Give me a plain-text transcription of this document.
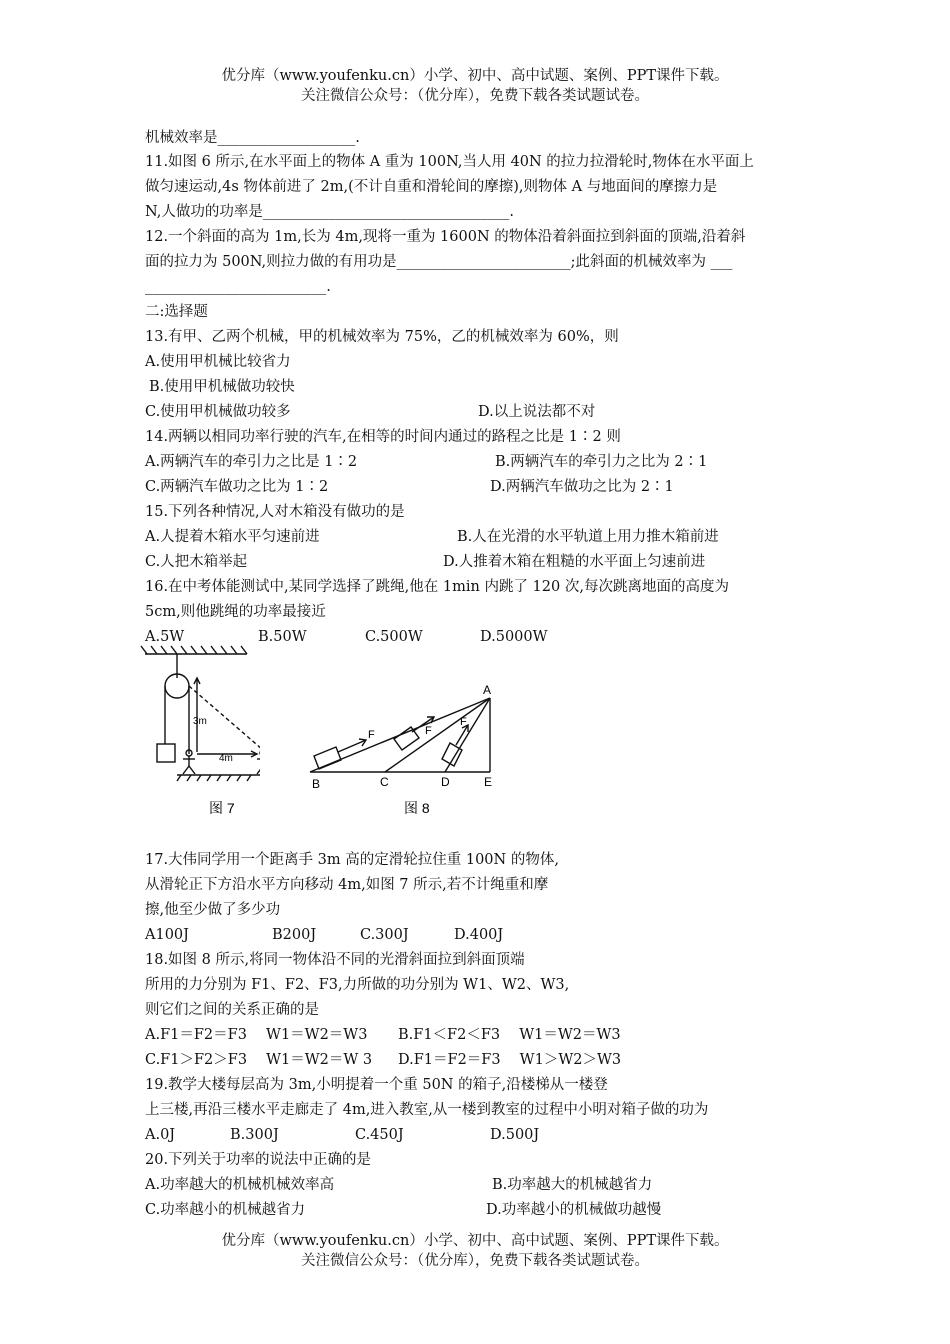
优分库（www.youfenku.cn）小学、初中、高中试题、案例、PPT课件下载。
关注微信公众号：（优分库），免费下载各类试题试卷。
机械效率是___________________.
11.如图 6 所示,在水平面上的物体 A 重为 100N,当人用 40N 的拉力拉滑轮时,物体在水平面上
做匀速运动,4s 物体前进了 2m,(不计自重和滑轮间的摩擦),则物体 A 与地面间的摩擦力是
N,人做功的功率是__________________________________.
12.一个斜面的高为 1m,长为 4m,现将一重为 1600N 的物体沿着斜面拉到斜面的顶端,沿着斜
面的拉力为 500N,则拉力做的有用功是________________________;此斜面的机械效率为 ___
_________________________.
二:选择题
13.有甲、乙两个机械，甲的机械效率为 75%，乙的机械效率为 60%，则
A.使用甲机械比较省力
B.使用甲机械做功较快
C.使用甲机械做功较多	D.以上说法都不对
14.两辆以相同功率行驶的汽车,在相等的时间内通过的路程之比是 1∶2 则
A.两辆汽车的牵引力之比是 1∶2	B.两辆汽车的牵引力之比为 2∶1
C.两辆汽车做功之比为 1∶2	D.两辆汽车做功之比为 2∶1
15.下列各种情况,人对木箱没有做功的是
A.人提着木箱水平匀速前进	B.人在光滑的水平轨道上用力推木箱前进
C.人把木箱举起	D.人推着木箱在粗糙的水平面上匀速前进
16.在中考体能测试中,某同学选择了跳绳,他在 1min 内跳了 120 次,每次跳离地面的高度为
5cm,则他跳绳的功率最接近
A.5W	B.50W	C.500W	D.5000W
3m
4m
图 7
A
B	C	D	E
F	F
F
图 8
17.大伟同学用一个距离手 3m 高的定滑轮拉住重 100N 的物体,
从滑轮正下方沿水平方向移动 4m,如图 7 所示,若不计绳重和摩
擦,他至少做了多少功
A100J	B200J	C.300J	D.400J
18.如图 8 所示,将同一物体沿不同的光滑斜面拉到斜面顶端
所用的力分别为 F1、F2、F3,力所做的功分别为 W1、W2、W3,
则它们之间的关系正确的是
A.F1＝F2＝F3　 W1＝W2＝W3 B.F1＜F2＜F3　 W1＝W2＝W3
C.F1＞F2＞F3　 W1＝W2＝W 3 D.F1＝F2＝F3　 W1＞W2＞W3
19.教学大楼每层高为 3m,小明提着一个重 50N 的箱子,沿楼梯从一楼登
上三楼,再沿三楼水平走廊走了 4m,进入教室,从一楼到教室的过程中小明对箱子做的功为
A.0J	B.300J	C.450J	D.500J
20.下列关于功率的说法中正确的是
A.功率越大的机械机械效率高	B.功率越大的机械越省力
C.功率越小的机械越省力	D.功率越小的机械做功越慢
优分库（www.youfenku.cn）小学、初中、高中试题、案例、PPT课件下载。
关注微信公众号：（优分库），免费下载各类试题试卷。
